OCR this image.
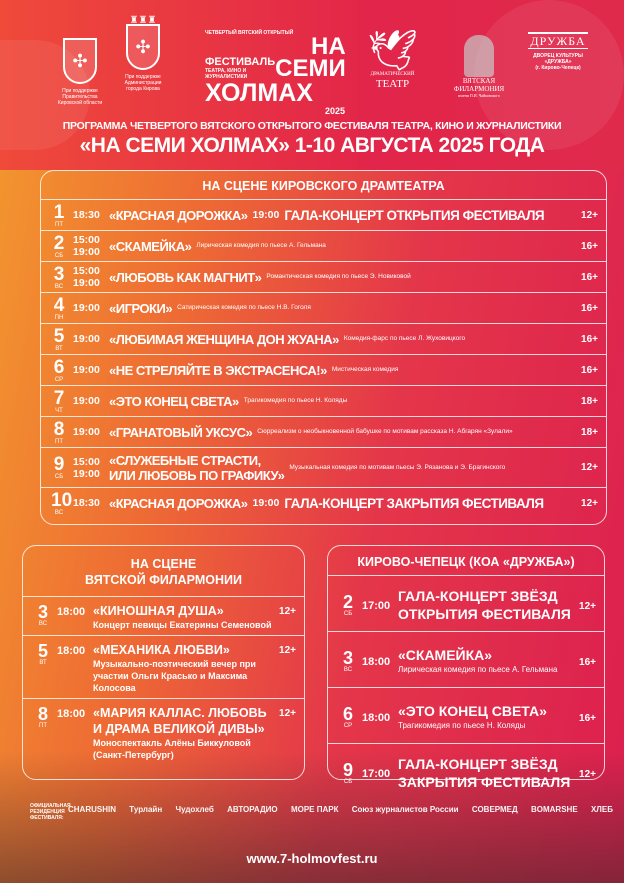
✣
При поддержке Правительства Кировской области
♜♜♜
✣
При поддержке Администрации города Кирова
ЧЕТВЕРТЫЙ ВЯТСКИЙ ОТКРЫТЫЙ
ФЕСТИВАЛЬ
ТЕАТРА, КИНО И ЖУРНАЛИСТИКИ
НА
СЕМИ
ХОЛМАХ
2025
🕊
ДРАМАТИЧЕСКИЙ
ТЕАТР	ВЯТСКАЯ
ФИЛАРМОНИЯ
имени П.И. Чайковского
ДРУЖБА
ДВОРЕЦ КУЛЬТУРЫ «ДРУЖБА»
(г. Кирово-Чепецк)
ПРОГРАММА ЧЕТВЕРТОГО ВЯТСКОГО ОТКРЫТОГО ФЕСТИВАЛЯ ТЕАТРА, КИНО И ЖУРНАЛИСТИКИ
«НА СЕМИ ХОЛМАХ» 1-10 АВГУСТА 2025 ГОДА
НА СЦЕНЕ КИРОВСКОГО ДРАМТЕАТРА
1
ПТ
18:30 «КРАСНАЯ ДОРОЖКА» 19:00 ГАЛА-КОНЦЕРТ ОТКРЫТИЯ ФЕСТИВАЛЯ	12+
2
СБ
15:00
19:00 «СКАМЕЙКА» Лирическая комедия по пьесе А. Гельмана	16+
3
ВС
15:00
19:00 «ЛЮБОВЬ КАК МАГНИТ» Романтическая комедия по пьесе Э. Новиковой	16+
4
ПН
19:00 «ИГРОКИ» Сатирическая комедия по пьесе Н.В. Гоголя	16+
5
ВТ
19:00 «ЛЮБИМАЯ ЖЕНЩИНА ДОН ЖУАНА» Комедия-фарс по пьесе Л. Жуховицкого	16+
6
СР
19:00 «НЕ СТРЕЛЯЙТЕ В ЭКСТРАСЕНСА!» Мистическая комедия	16+
7
ЧТ
19:00 «ЭТО КОНЕЦ СВЕТА» Трагикомедия по пьесе Н. Коляды	18+
8
ПТ
19:00 «ГРАНАТОВЫЙ УКСУС» Сюрреализм о необыкновенной бабушке по мотивам рассказа Н. Абгарян «Зулали»	18+
9
СБ
15:00
19:00
«СЛУЖЕБНЫЕ СТРАСТИ,
ИЛИ ЛЮБОВЬ ПО ГРАФИКУ»
Музыкальная комедия по мотивам пьесы Э. Рязанова и Э. Брагинского	12+
10
ВС
18:30 «КРАСНАЯ ДОРОЖКА» 19:00 ГАЛА-КОНЦЕРТ ЗАКРЫТИЯ ФЕСТИВАЛЯ	12+
НА СЦЕНЕ
ВЯТСКОЙ ФИЛАРМОНИИ
3
ВС
18:00 «КИНОШНАЯ ДУША»
Концерт певицы Екатерины Семеновой
12+
5
ВТ
18:00 «МЕХАНИКА ЛЮБВИ»
Музыкально-поэтический вечер при участии Ольги Красько и Максима Колосова
12+
8
ПТ
18:00 «МАРИЯ КАЛЛАС. ЛЮБОВЬ И ДРАМА ВЕЛИКОЙ ДИВЫ»
Моноспектакль Алёны Биккуловой (Санкт-Петербург)
12+
КИРОВО-ЧЕПЕЦК (КОА «ДРУЖБА»)
2
СБ
17:00
ГАЛА-КОНЦЕРТ ЗВЁЗД ОТКРЫТИЯ ФЕСТИВАЛЯ 12+
3
ВС
18:00 «СКАМЕЙКА»
Лирическая комедия по пьесе А. Гельмана
16+
6
СР
18:00 «ЭТО КОНЕЦ СВЕТА»
Трагикомедия по пьесе Н. Коляды
16+
9
СБ
17:00
ГАЛА-КОНЦЕРТ ЗВЁЗД ЗАКРЫТИЯ ФЕСТИВАЛЯ 12+
ОФИЦИАЛЬНАЯ РЕЗИДЕНЦИЯ ФЕСТИВАЛЯ:
CHARUSHIN Турлайн Чудохлеб АВТОРАДИО МОРЕ ПАРК Союз журналистов России СОВЕРМЕД BOMARSHE ХЛЕБ
www.7-holmovfest.ru
